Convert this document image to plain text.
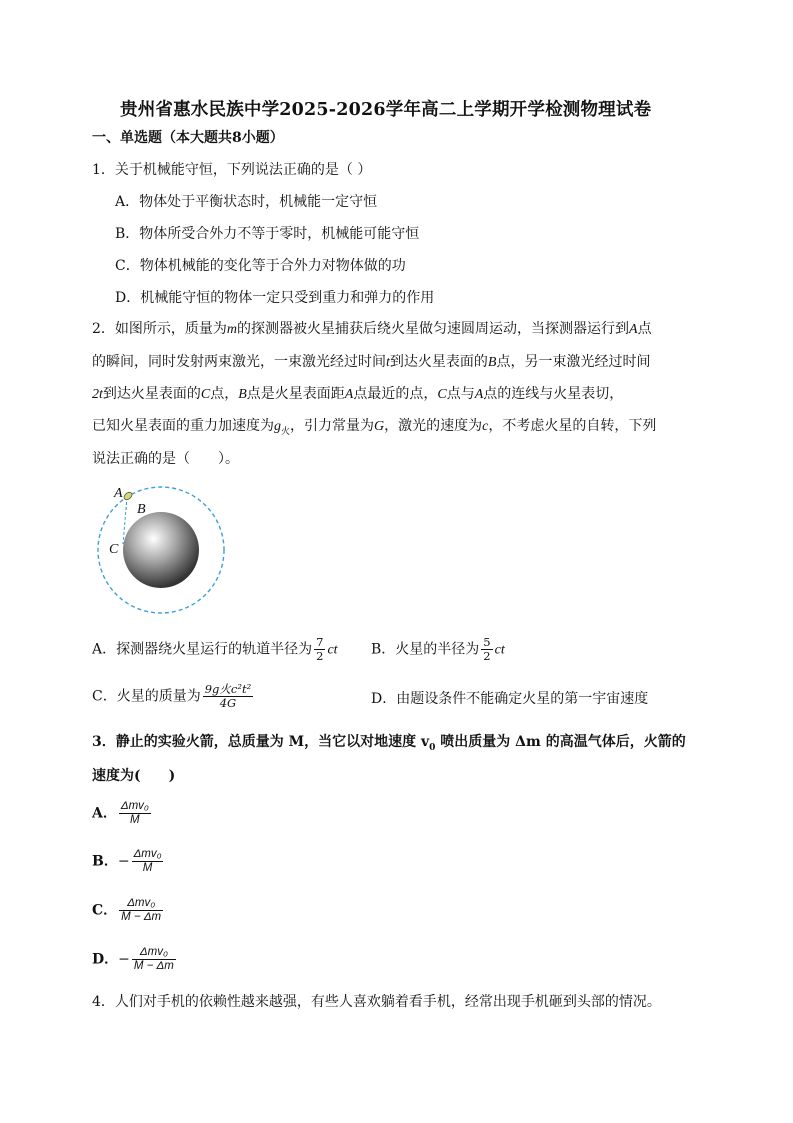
贵州省惠水民族中学2025-2026学年高二上学期开学检测物理试卷
一、单选题（本大题共8小题）
1．关于机械能守恒，下列说法正确的是（ ）
A．物体处于平衡状态时，机械能一定守恒
B．物体所受合外力不等于零时，机械能可能守恒
C．物体机械能的变化等于合外力对物体做的功
D．机械能守恒的物体一定只受到重力和弹力的作用
2．如图所示，质量为m的探测器被火星捕获后绕火星做匀速圆周运动，当探测器运行到A点
的瞬间，同时发射两束激光，一束激光经过时间t到达火星表面的B点，另一束激光经过时间
2t到达火星表面的C点，B点是火星表面距A点最近的点，C点与A点的连线与火星表切，
已知火星表面的重力加速度为$g_火$，引力常量为G，激光的速度为c，不考虑火星的自转，下列
说法正确的是（　　）。
A
B
C
A．探测器绕火星运行的轨道半径为 $\frac{7}{2}$ ct B．火星的半径为 $\frac{5}{2}$ ct
C．火星的质量为 $\frac{\text{9g火c²t²}}{4G}$	D．由题设条件不能确定火星的第一宇宙速度
3．静止的实验火箭，总质量为 M，当它以对地速度 $v_0$ 喷出质量为 Δm 的高温气体后，火箭的
速度为(　　)
A． $\frac{\text{Δmv₀}}{M}$
B．− $\frac{\text{Δmv₀}}{M}$
C． $\frac{\text{Δmv₀}}{M - \Delta m}$
D．− $\frac{\text{Δmv₀}}{M - \Delta m}$
4．人们对手机的依赖性越来越强，有些人喜欢躺着看手机，经常出现手机砸到头部的情况。
